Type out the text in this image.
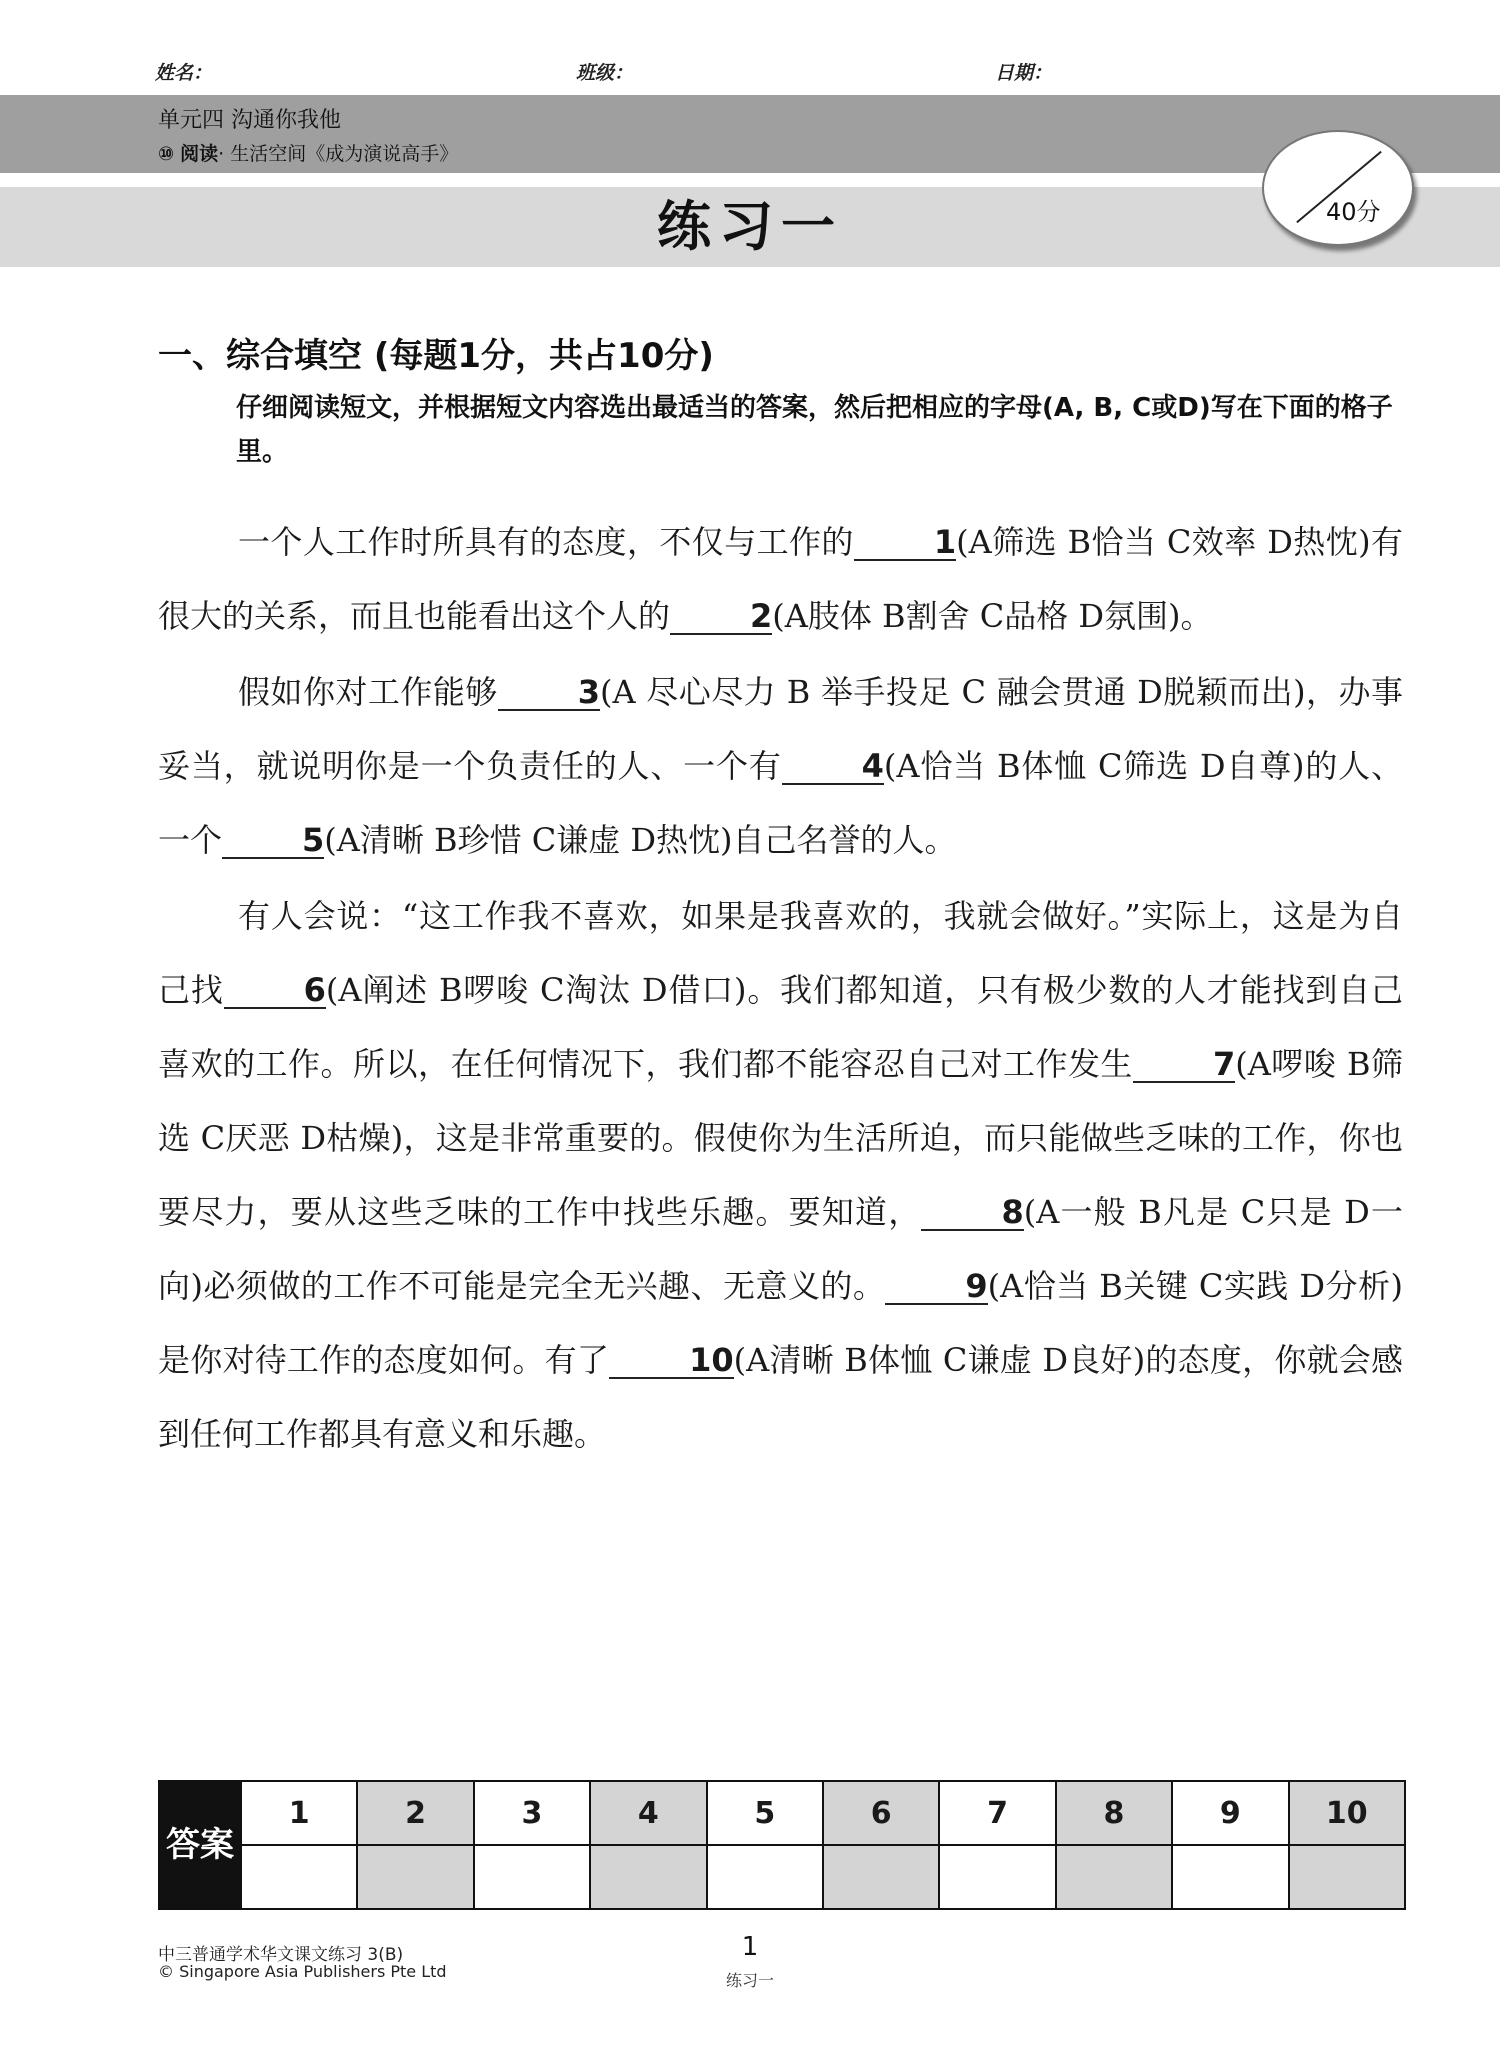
姓名：	班级：	日期：
单元四 沟通你我他
⑩ 阅读· 生活空间《成为演说高手》
练习一	40分
一、综合填空 (每题1分，共占10分)
仔细阅读短文，并根据短文内容选出最适当的答案，然后把相应的字母(A, B, C或D)写在下面的格子里。

一个人工作时所具有的态度，不仅与工作的	1(A筛选 B恰当 C效率 D热忱)有很大的关系，而且也能看出这个人的	2(A肢体 B割舍 C品格 D氛围)。

假如你对工作能够	3(A 尽心尽力 B 举手投足 C 融会贯通 D脱颖而出)，办事妥当，就说明你是一个负责任的人、一个有	4(A恰当 B体恤 C筛选 D自尊)的人、一个	5(A清晰 B珍惜 C谦虚 D热忱)自己名誉的人。

有人会说：“这工作我不喜欢，如果是我喜欢的，我就会做好。”实际上，这是为自己找	6(A阐述 B啰唆 C淘汰 D借口)。我们都知道，只有极少数的人才能找到自己喜欢的工作。所以，在任何情况下，我们都不能容忍自己对工作发生	7(A啰唆 B筛选 C厌恶 D枯燥)，这是非常重要的。假使你为生活所迫，而只能做些乏味的工作，你也要尽力，要从这些乏味的工作中找些乐趣。要知道，	8(A一般 B凡是 C只是 D一向)必须做的工作不可能是完全无兴趣、无意义的。	9(A恰当 B关键 C实践 D分析)是你对待工作的态度如何。有了	10(A清晰 B体恤 C谦虚 D良好)的态度，你就会感到任何工作都具有意义和乐趣。

答案	1	2	3	4	5	6	7	8	9	10

中三普通学术华文课文练习 3(B)
© Singapore Asia Publishers Pte Ltd
1
练习一
